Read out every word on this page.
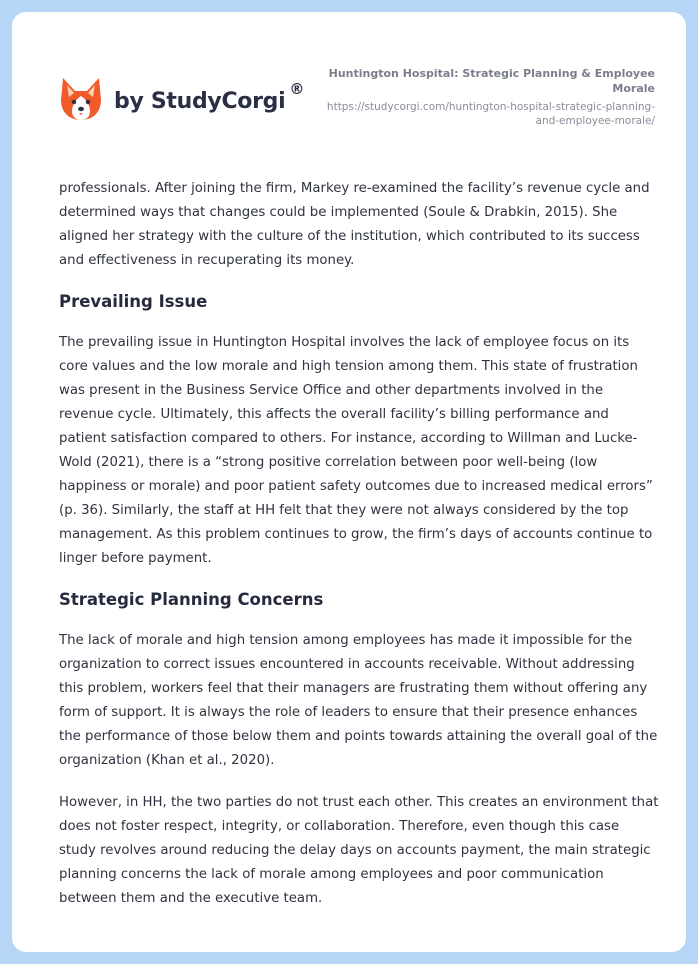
by StudyCorgi ®

Huntington Hospital: Strategic Planning & Employee Morale

https://studycorgi.com/huntington-hospital-strategic-planning-and-employee-morale/

professionals. After joining the firm, Markey re-examined the facility’s revenue cycle and determined ways that changes could be implemented (Soule & Drabkin, 2015). She aligned her strategy with the culture of the institution, which contributed to its success and effectiveness in recuperating its money.

Prevailing Issue

The prevailing issue in Huntington Hospital involves the lack of employee focus on its core values and the low morale and high tension among them. This state of frustration was present in the Business Service Office and other departments involved in the revenue cycle. Ultimately, this affects the overall facility’s billing performance and patient satisfaction compared to others. For instance, according to Willman and Lucke-Wold (2021), there is a “strong positive correlation between poor well-being (low happiness or morale) and poor patient safety outcomes due to increased medical errors” (p. 36). Similarly, the staff at HH felt that they were not always considered by the top management. As this problem continues to grow, the firm’s days of accounts continue to linger before payment.

Strategic Planning Concerns

The lack of morale and high tension among employees has made it impossible for the organization to correct issues encountered in accounts receivable. Without addressing this problem, workers feel that their managers are frustrating them without offering any form of support. It is always the role of leaders to ensure that their presence enhances the performance of those below them and points towards attaining the overall goal of the organization (Khan et al., 2020).

However, in HH, the two parties do not trust each other. This creates an environment that does not foster respect, integrity, or collaboration. Therefore, even though this case study revolves around reducing the delay days on accounts payment, the main strategic planning concerns the lack of morale among employees and poor communication between them and the executive team.
